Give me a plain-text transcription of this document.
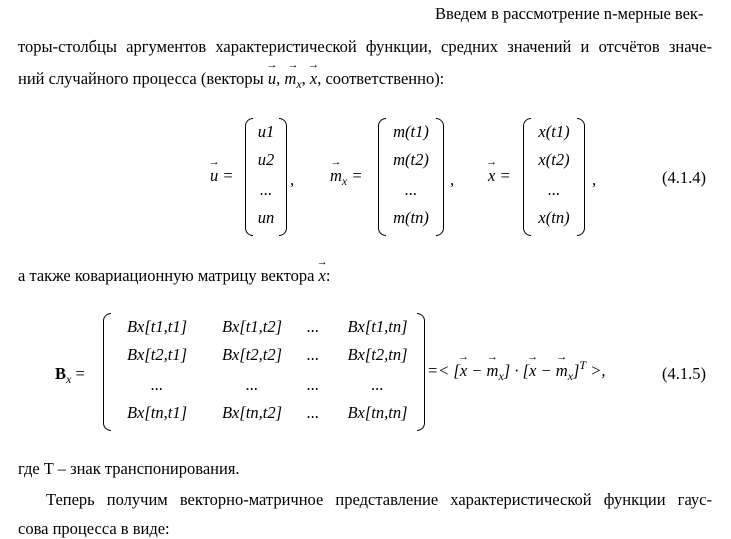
Введем в рассмотрение n-мерные век-
торы-столбцы аргументов характеристической функции, средних значений и отсчётов значе-
ний случайного процесса (векторы → u, → $m_x$, → x, соответственно):
→ u =
u1
u2
...
un
, → $m_x$ =
m(t1)
m(t2)
...
m(tn)
, → x =
x(t1)
x(t2)
...
x(tn)
,	(4.1.4)
а также ковариационную матрицу вектора → x:
$B_x$ =
Bx[t1,t1]	Bx[t1,t2]	...	Bx[t1,tn]
Bx[t2,t1]	Bx[t2,t2]	...	Bx[t2,tn]
...	...	...	...
Bx[tn,t1]	Bx[tn,t2]	...	Bx[tn,tn]
=< [→ x − → $m_x$] · [→ x − → $m_x]^T$ >,	(4.1.5)
где T – знак транспонирования.
Теперь получим векторно-матричное представление характеристической функции гаус-
сова процесса в виде:
